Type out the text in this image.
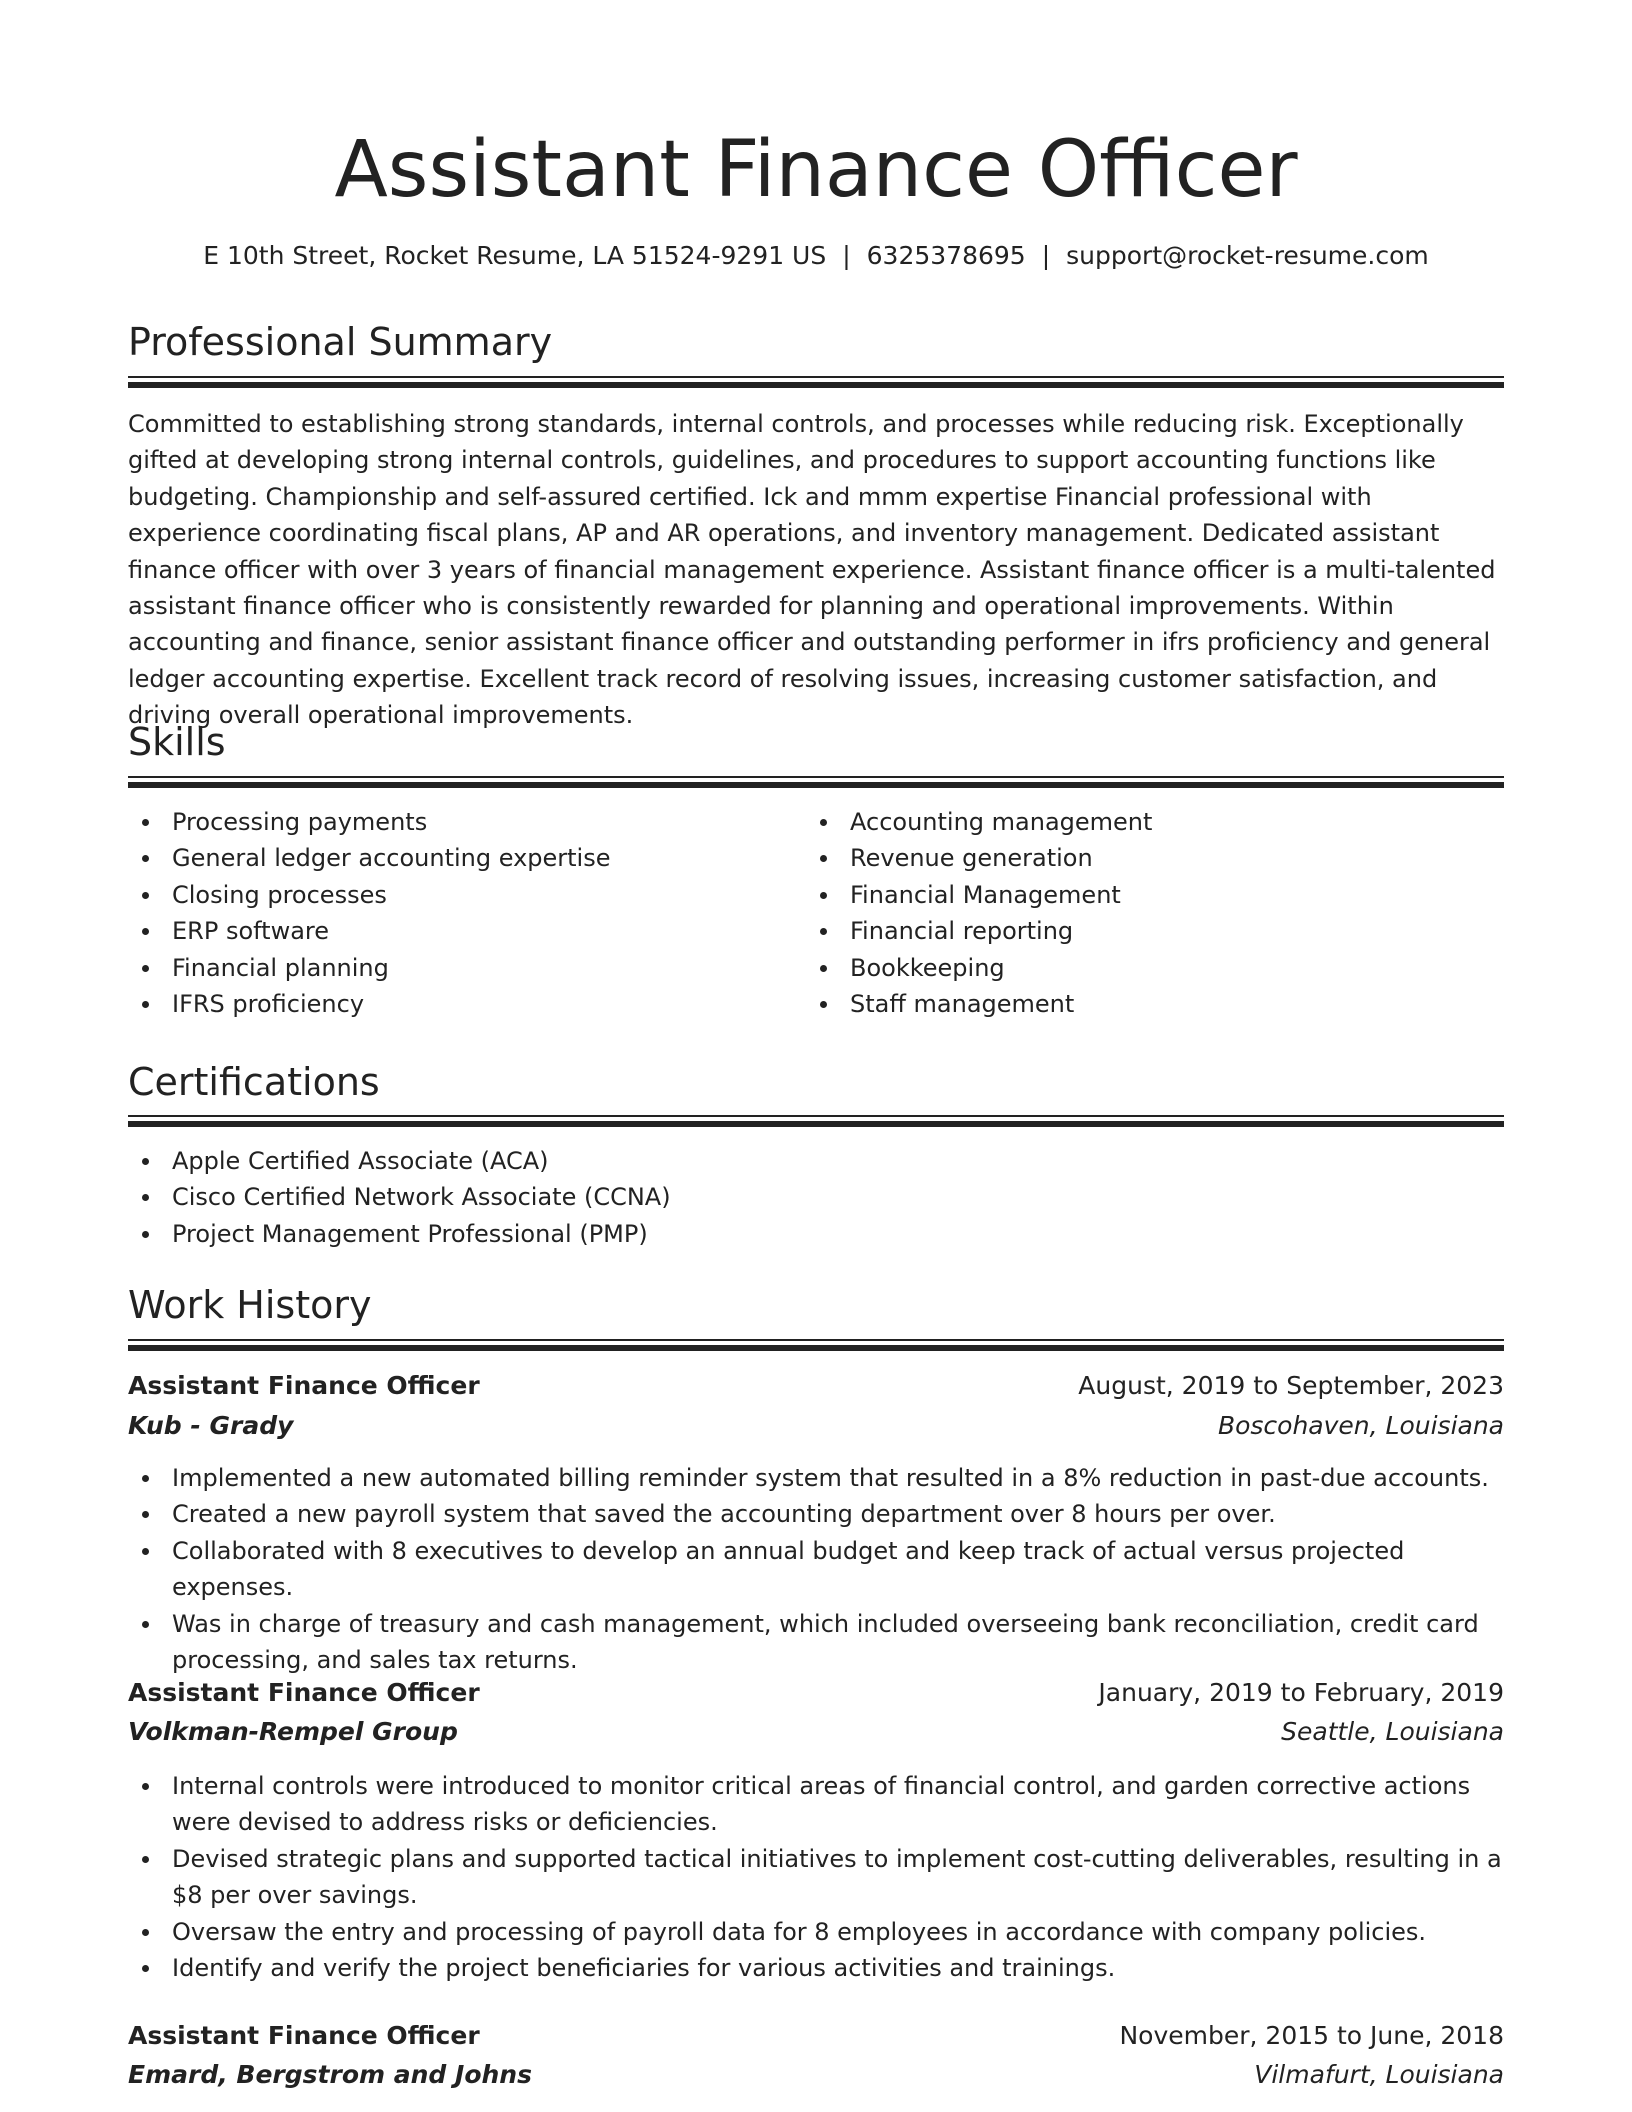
Assistant Finance Officer
E 10th Street, Rocket Resume, LA 51524-9291 US | 6325378695 | support@rocket-resume.com
Professional Summary

Committed to establishing strong standards, internal controls, and processes while reducing risk. Exceptionally gifted at developing strong internal controls, guidelines, and procedures to support accounting functions like budgeting. Championship and self-assured certified. Ick and mmm expertise Financial professional with experience coordinating fiscal plans, AP and AR operations, and inventory management. Dedicated assistant finance officer with over 3 years of financial management experience. Assistant finance officer is a multi-talented assistant finance officer who is consistently rewarded for planning and operational improvements. Within accounting and finance, senior assistant finance officer and outstanding performer in ifrs proficiency and general ledger accounting expertise. Excellent track record of resolving issues, increasing customer satisfaction, and driving overall operational improvements.

Skills
Processing payments
General ledger accounting expertise
Closing processes
ERP software
Financial planning
IFRS proficiency
Accounting management
Revenue generation
Financial Management
Financial reporting
Bookkeeping
Staff management
Certifications
Apple Certified Associate (ACA)
Cisco Certified Network Associate (CCNA)
Project Management Professional (PMP)
Work History
Assistant Finance Officer	August, 2019 to September, 2023
Kub - Grady	Boscohaven, Louisiana
Implemented a new automated billing reminder system that resulted in a 8% reduction in past-due accounts.
Created a new payroll system that saved the accounting department over 8 hours per over.
Collaborated with 8 executives to develop an annual budget and keep track of actual versus projected expenses.
Was in charge of treasury and cash management, which included overseeing bank reconciliation, credit card processing, and sales tax returns.
Assistant Finance Officer	January, 2019 to February, 2019
Volkman-Rempel Group	Seattle, Louisiana
Internal controls were introduced to monitor critical areas of financial control, and garden corrective actions were devised to address risks or deficiencies.
Devised strategic plans and supported tactical initiatives to implement cost-cutting deliverables, resulting in a $8 per over savings.
Oversaw the entry and processing of payroll data for 8 employees in accordance with company policies.
Identify and verify the project beneficiaries for various activities and trainings.
Assistant Finance Officer	November, 2015 to June, 2018
Emard, Bergstrom and Johns	Vilmafurt, Louisiana
